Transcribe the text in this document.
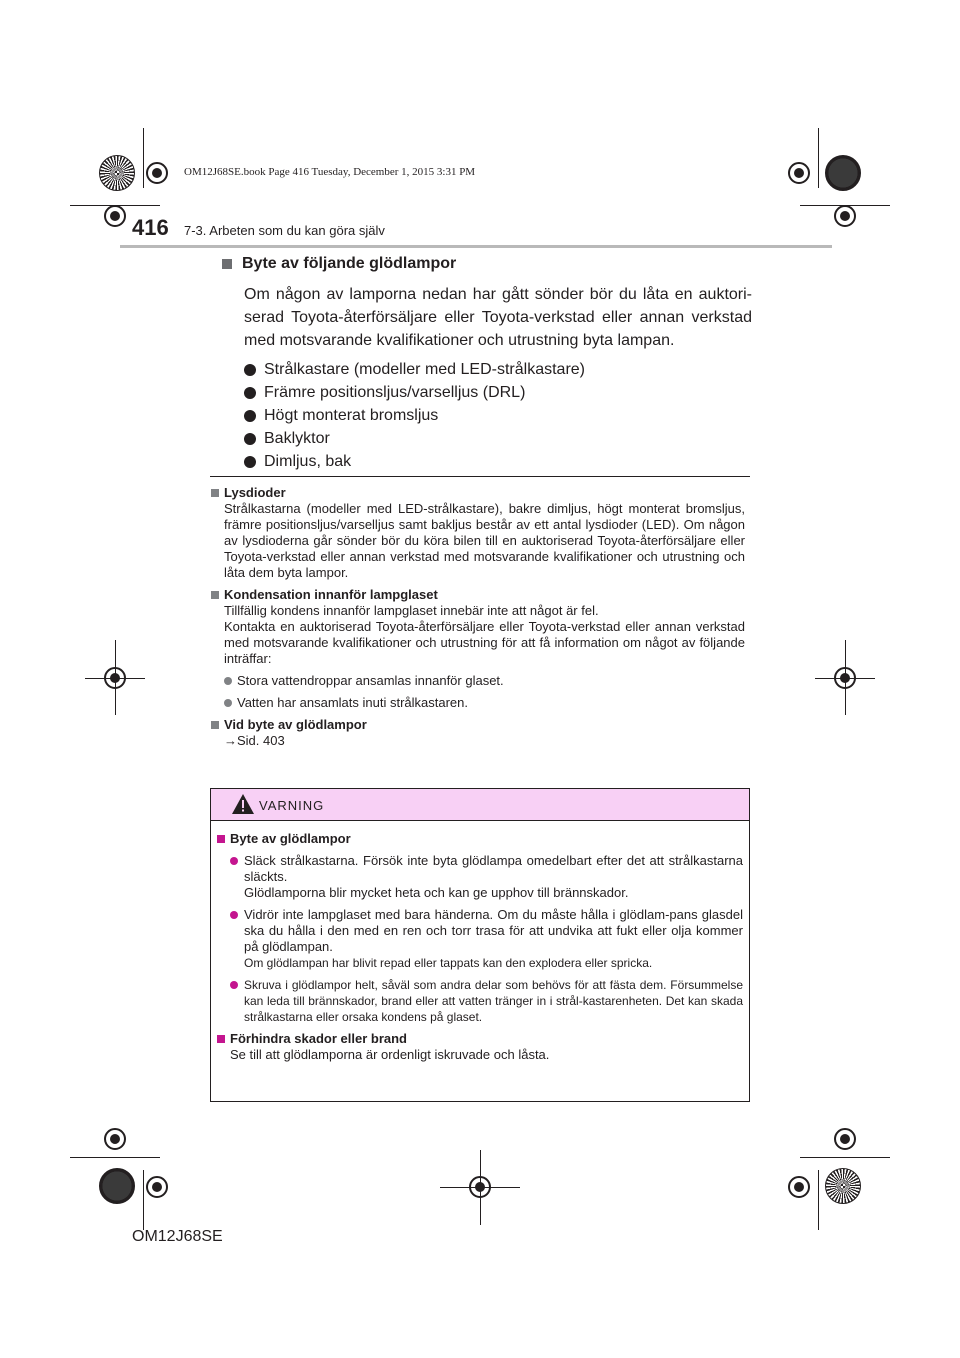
OM12J68SE.book Page 416 Tuesday, December 1, 2015 3:31 PM
416 7-3. Arbeten som du kan göra själv
Byte av följande glödlampor

Om någon av lamporna nedan har gått sönder bör du låta en auktori-serad Toyota-återförsäljare eller Toyota-verkstad eller annan verkstad med motsvarande kvalifikationer och utrustning byta lampan.

Strålkastare (modeller med LED-strålkastare)
Främre positionsljus/varselljus (DRL)
Högt monterat bromsljus
Baklyktor
Dimljus, bak
Lysdioder
Strålkastarna (modeller med LED-strålkastare), bakre dimljus, högt monterat bromsljus, främre positionsljus/varselljus samt bakljus består av ett antal lysdioder (LED). Om någon av lysdioderna går sönder bör du köra bilen till en auktoriserad Toyota-återförsäljare eller Toyota-verkstad eller annan verkstad med motsvarande kvalifikationer och utrustning och låta dem byta lampor.
Kondensation innanför lampglaset
Tillfällig kondens innanför lampglaset innebär inte att något är fel.
Kontakta en auktoriserad Toyota-återförsäljare eller Toyota-verkstad eller annan verkstad med motsvarande kvalifikationer och utrustning för att få information om något av följande inträffar:
Stora vattendroppar ansamlas innanför glaset.
Vatten har ansamlats inuti strålkastaren.
Vid byte av glödlampor
→Sid. 403
VARNING
Byte av glödlampor
Släck strålkastarna. Försök inte byta glödlampa omedelbart efter det att strålkastarna släckts.
Glödlamporna blir mycket heta och kan ge upphov till brännskador.
Vidrör inte lampglaset med bara händerna. Om du måste hålla i glödlam-pans glasdel ska du hålla i den med en ren och torr trasa för att undvika att fukt eller olja kommer på glödlampan.
Om glödlampan har blivit repad eller tappats kan den explodera eller spricka.
Skruva i glödlampor helt, såväl som andra delar som behövs för att fästa dem. Försummelse kan leda till brännskador, brand eller att vatten tränger in i strål-kastarenheten. Det kan skada strålkastarna eller orsaka kondens på glaset.
Förhindra skador eller brand
Se till att glödlamporna är ordenligt iskruvade och låsta.
OM12J68SE
